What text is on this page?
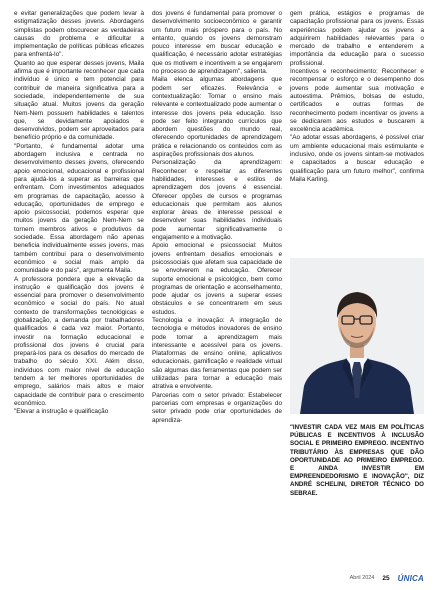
e evitar generalizações que podem levar à estigmatização desses jovens. Abordagens simplistas podem obscurecer as verdadeiras causas do problema e dificultar a implementação de políticas públicas eficazes para enfrentá-lo".

Quanto ao que esperar desses jovens, Maila afirma que é importante reconhecer que cada indivíduo é único e tem potencial para contribuir de maneira significativa para a sociedade, independentemente de sua situação atual. Muitos jovens da geração Nem-Nem possuem habilidades e talentos que, se devidamente apoiados e desenvolvidos, podem ser aproveitados para benefício próprio e da comunidade.

"Portanto, é fundamental adotar uma abordagem inclusiva e centrada no desenvolvimento desses jovens, oferecendo apoio emocional, educacional e profissional para ajudá-los a superar as barreiras que enfrentam. Com investimentos adequados em programas de capacitação, acesso à educação, oportunidades de emprego e apoio psicossocial, podemos esperar que muitos jovens da geração Nem-Nem se tornem membros ativos e produtivos da sociedade. Essa abordagem não apenas beneficia individualmente esses jovens, mas também contribui para o desenvolvimento econômico e social mais amplo da comunidade e do país", argumenta Maila.

A professora pondera que a elevação da instrução e qualificação dos jovens é essencial para promover o desenvolvimento econômico e social do país. No atual contexto de transformações tecnológicas e globalização, a demanda por trabalhadores qualificados é cada vez maior. Portanto, investir na formação educacional e profissional dos jovens é crucial para prepará-los para os desafios do mercado de trabalho do século XXI. Além disso, indivíduos com maior nível de educação tendem a ter melhores oportunidades de emprego, salários mais altos e maior capacidade de contribuir para o crescimento econômico.

"Elevar a instrução e qualificação

dos jovens é fundamental para promover o desenvolvimento socioeconômico e garantir um futuro mais próspero para o país. No entanto, quando os jovens demonstram pouco interesse em buscar educação e qualificação, é necessário adotar estratégias que os motivem e incentivem a se engajarem no processo de aprendizagem", salienta.

Maila elenca algumas abordagens que podem ser eficazes. Relevância e contextualização: Tornar o ensino mais relevante e contextualizado pode aumentar o interesse dos jovens pela educação. Isso pode ser feito integrando currículos que abordem questões do mundo real, oferecendo oportunidades de aprendizagem prática e relacionando os conteúdos com as aspirações profissionais dos alunos.

Personalização da aprendizagem: Reconhecer e respeitar as diferentes habilidades, interesses e estilos de aprendizagem dos jovens é essencial. Oferecer opções de cursos e programas educacionais que permitam aos alunos explorar áreas de interesse pessoal e desenvolver suas habilidades individuais pode aumentar significativamente o engajamento e a motivação.

Apoio emocional e psicossocial: Muitos jovens enfrentam desafios emocionais e psicossociais que afetam sua capacidade de se envolverem na educação. Oferecer suporte emocional e psicológico, bem como programas de orientação e aconselhamento, pode ajudar os jovens a superar esses obstáculos e se concentrarem em seus estudos.

Tecnologia e inovação: A integração de tecnologia e métodos inovadores de ensino pode tornar a aprendizagem mais interessante e acessível para os jovens. Plataformas de ensino online, aplicativos educacionais, gamificação e realidade virtual são algumas das ferramentas que podem ser utilizadas para tornar a educação mais atrativa e envolvente.

Parcerias com o setor privado: Estabelecer parcerias com empresas e organizações do setor privado pode criar oportunidades de aprendiza-

gem prática, estágios e programas de capacitação profissional para os jovens. Essas experiências podem ajudar os jovens a adquirirem habilidades relevantes para o mercado de trabalho e entenderem a importância da educação para o sucesso profissional.

Incentivos e reconhecimento: Reconhecer e recompensar o esforço e o desempenho dos jovens pode aumentar sua motivação e autoestima. Prêmios, bolsas de estudo, certificados e outras formas de reconhecimento podem incentivar os jovens a se dedicarem aos estudos e buscarem a excelência acadêmica.

"Ao adotar essas abordagens, é possível criar um ambiente educacional mais estimulante e inclusivo, onde os jovens sintam-se motivados e capacitados a buscar educação e qualificação para um futuro melhor", confirma Maila Karling.

"INVESTIR CADA VEZ MAIS EM POLÍTICAS PÚBLICAS E INCENTIVOS À INCLUSÃO SOCIAL E PRIMEIRO EMPREGO. INCENTIVO TRIBUTÁRIO ÀS EMPRESAS QUE DÃO OPORTUNIDADE AO PRIMEIRO EMPREGO. E AINDA INVESTIR EM EMPREENDEDORISMO E INOVAÇÃO", DIZ ANDRÉ SCHELINI, DIRETOR TÉCNICO DO SEBRAE.
Abril 2024 25 ÚNICA
